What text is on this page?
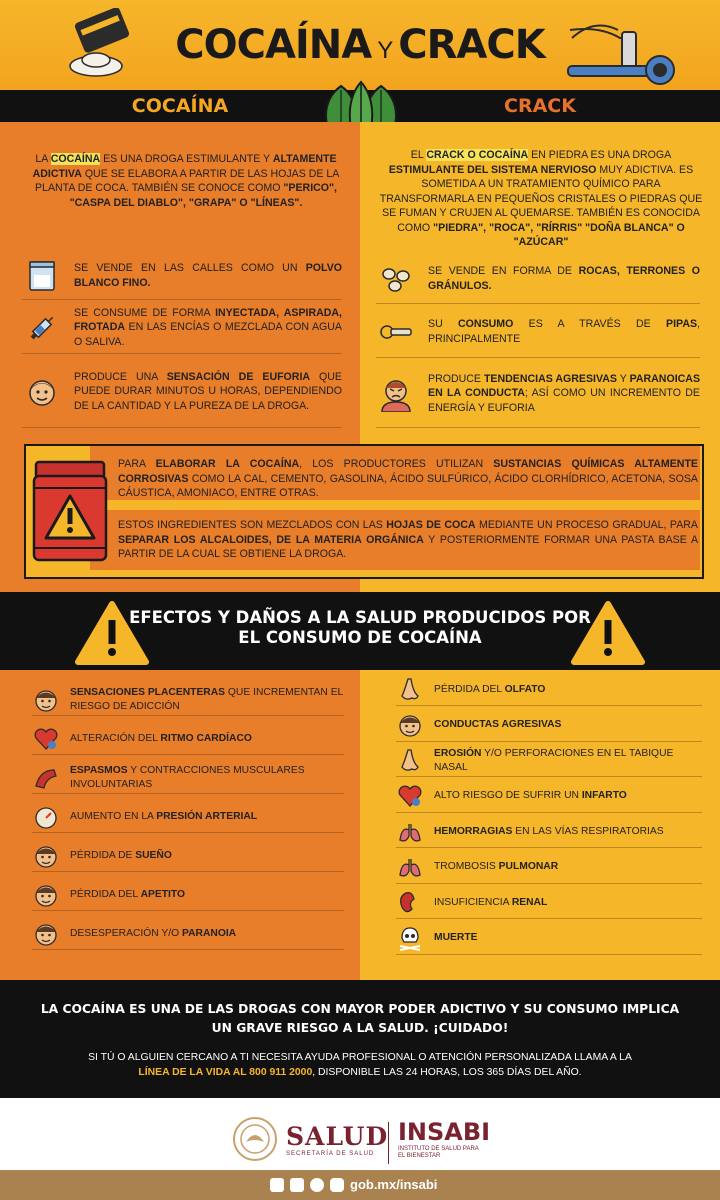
COCAÍNA Y CRACK
COCAÍNA	CRACK
LA COCAÍNA ES UNA DROGA ESTIMULANTE Y ALTAMENTE ADICTIVA QUE SE ELABORA A PARTIR DE LAS HOJAS DE LA PLANTA DE COCA. TAMBIÉN SE CONOCE COMO "PERICO", "CASPA DEL DIABLO", "GRAPA" O "LÍNEAS".
EL CRACK O COCAÍNA EN PIEDRA ES UNA DROGA ESTIMULANTE DEL SISTEMA NERVIOSO MUY ADICTIVA. ES SOMETIDA A UN TRATAMIENTO QUÍMICO PARA TRANSFORMARLA EN PEQUEÑOS CRISTALES O PIEDRAS QUE SE FUMAN Y CRUJEN AL QUEMARSE. TAMBIÉN ES CONOCIDA COMO "PIEDRA", "ROCA", "RÍRRIS" "DOÑA BLANCA" O "AZÚCAR"
SE VENDE EN LAS CALLES COMO UN POLVO BLANCO FINO.
SE CONSUME DE FORMA INYECTADA, ASPIRADA, FROTADA EN LAS ENCÍAS O MEZCLADA CON AGUA O SALIVA.
PRODUCE UNA SENSACIÓN DE EUFORIA QUE PUEDE DURAR MINUTOS U HORAS, DEPENDIENDO DE LA CANTIDAD Y LA PUREZA DE LA DROGA.
SE VENDE EN FORMA DE ROCAS, TERRONES O GRÁNULOS.
SU CONSUMO ES A TRAVÉS DE PIPAS, PRINCIPALMENTE
PRODUCE TENDENCIAS AGRESIVAS Y PARANOICAS EN LA CONDUCTA; ASÍ COMO UN INCREMENTO DE ENERGÍA Y EUFORIA
PARA ELABORAR LA COCAÍNA, LOS PRODUCTORES UTILIZAN SUSTANCIAS QUÍMICAS ALTAMENTE CORROSIVAS COMO LA CAL, CEMENTO, GASOLINA, ÁCIDO SULFÚRICO, ÁCIDO CLORHÍDRICO, ACETONA, SOSA CÁUSTICA, AMONIACO, ENTRE OTRAS.
ESTOS INGREDIENTES SON MEZCLADOS CON LAS HOJAS DE COCA MEDIANTE UN PROCESO GRADUAL, PARA SEPARAR LOS ALCALOIDES, DE LA MATERIA ORGÁNICA Y POSTERIORMENTE FORMAR UNA PASTA BASE A PARTIR DE LA CUAL SE OBTIENE LA DROGA.
EFECTOS Y DAÑOS A LA SALUD PRODUCIDOS POR EL CONSUMO DE COCAÍNA
SENSACIONES PLACENTERAS QUE INCREMENTAN EL RIESGO DE ADICCIÓN
ALTERACIÓN DEL RITMO CARDÍACO
ESPASMOS Y CONTRACCIONES MUSCULARES INVOLUNTARIAS
AUMENTO EN LA PRESIÓN ARTERIAL
PÉRDIDA DE SUEÑO
PÉRDIDA DEL APETITO
DESESPERACIÓN Y/O PARANOIA
PÉRDIDA DEL OLFATO
CONDUCTAS AGRESIVAS
EROSIÓN Y/O PERFORACIONES EN EL TABIQUE NASAL
ALTO RIESGO DE SUFRIR UN INFARTO
HEMORRAGIAS EN LAS VÍAS RESPIRATORIAS
TROMBOSIS PULMONAR
INSUFICIENCIA RENAL
MUERTE
LA COCAÍNA ES UNA DE LAS DROGAS CON MAYOR PODER ADICTIVO Y SU CONSUMO IMPLICA UN GRAVE RIESGO A LA SALUD. ¡CUIDADO!
SI TÚ O ALGUIEN CERCANO A TI NECESITA AYUDA PROFESIONAL O ATENCIÓN PERSONALIZADA LLAMA A LA
LÍNEA DE LA VIDA AL 800 911 2000, DISPONIBLE LAS 24 HORAS, LOS 365 DÍAS DEL AÑO.
SALUD
SECRETARÍA DE SALUD
INSABI
INSTITUTO DE SALUD PARA
EL BIENESTAR
gob.mx/insabi
